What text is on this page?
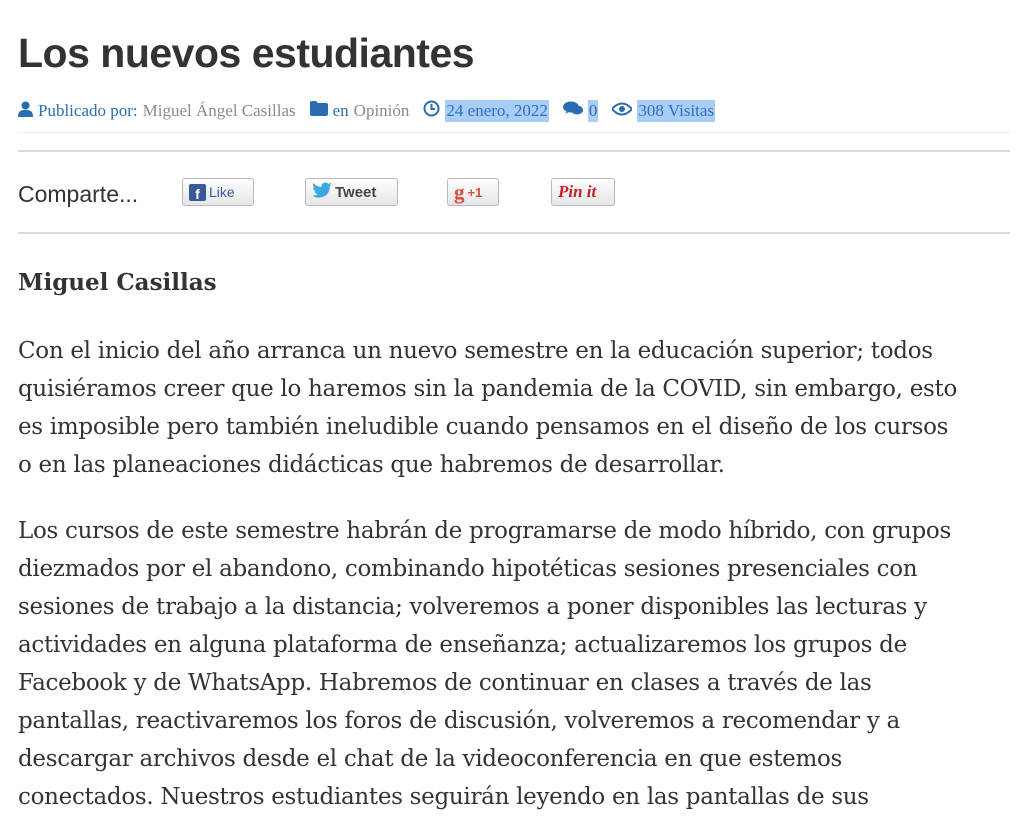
Los nuevos estudiantes
Publicado por: Miguel Ángel Casillas en Opinión 24 enero, 2022 0 308 Visitas
Comparte...	f Like	Tweet	g +1	Pin it

Miguel Casillas

Con el inicio del año arranca un nuevo semestre en la educación superior; todos
quisiéramos creer que lo haremos sin la pandemia de la COVID, sin embargo, esto
es imposible pero también ineludible cuando pensamos en el diseño de los cursos
o en las planeaciones didácticas que habremos de desarrollar.

Los cursos de este semestre habrán de programarse de modo híbrido, con grupos
diezmados por el abandono, combinando hipotéticas sesiones presenciales con
sesiones de trabajo a la distancia; volveremos a poner disponibles las lecturas y
actividades en alguna plataforma de enseñanza; actualizaremos los grupos de
Facebook y de WhatsApp. Habremos de continuar en clases a través de las
pantallas, reactivaremos los foros de discusión, volveremos a recomendar y a
descargar archivos desde el chat de la videoconferencia en que estemos
conectados. Nuestros estudiantes seguirán leyendo en las pantallas de sus
